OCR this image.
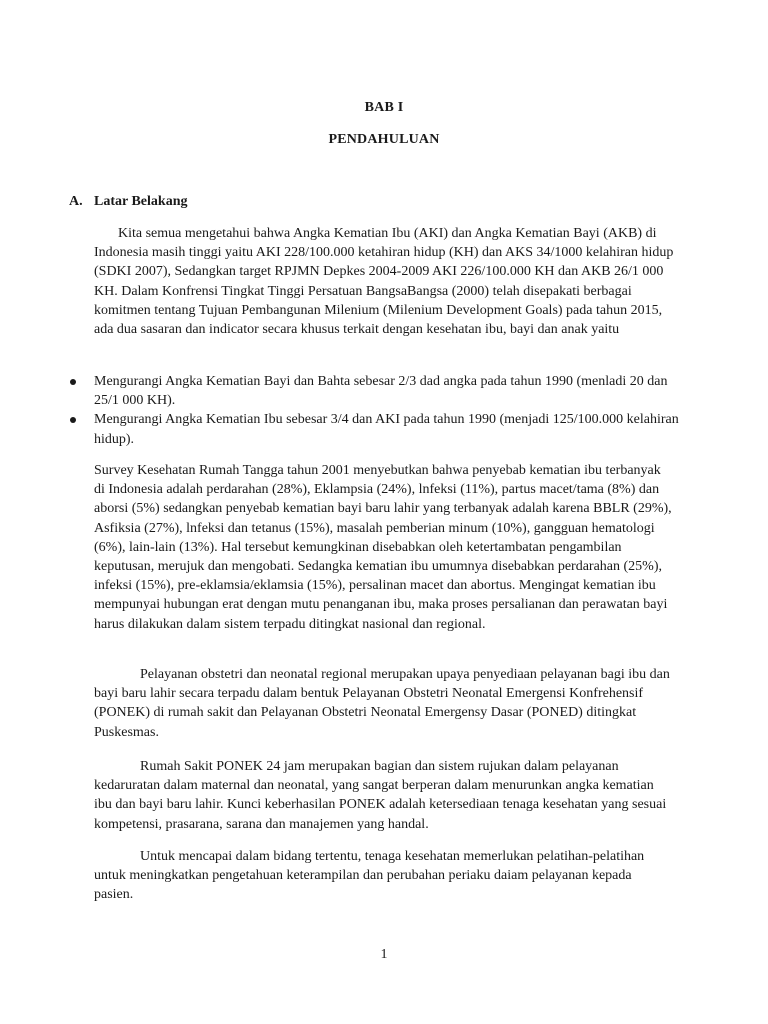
BAB I
PENDAHULUAN
A. Latar Belakang

Kita semua mengetahui bahwa Angka Kematian Ibu (AKI) dan Angka Kematian Bayi (AKB) di Indonesia masih tinggi yaitu AKI 228/100.000 ketahiran hidup (KH) dan AKS 34/1000 kelahiran hidup (SDKI 2007), Sedangkan target RPJMN Depkes 2004-2009 AKI 226/100.000 KH dan AKB 26/1 000 KH. Dalam Konfrensi Tingkat Tinggi Persatuan BangsaBangsa (2000) telah disepakati berbagai komitmen tentang Tujuan Pembangunan Milenium (Milenium Development Goals) pada tahun 2015, ada dua sasaran dan indicator secara khusus terkait dengan kesehatan ibu, bayi dan anak yaitu

Mengurangi Angka Kematian Bayi dan Bahta sebesar 2/3 dad angka pada tahun 1990 (menladi 20 dan 25/1 000 KH).
Mengurangi Angka Kematian Ibu sebesar 3/4 dan AKI pada tahun 1990 (menjadi 125/100.000 kelahiran hidup).

Survey Kesehatan Rumah Tangga tahun 2001 menyebutkan bahwa penyebab kematian ibu terbanyak di Indonesia adalah perdarahan (28%), Eklampsia (24%), lnfeksi (11%), partus macet/tama (8%) dan aborsi (5%) sedangkan penyebab kematian bayi baru lahir yang terbanyak adalah karena BBLR (29%), Asfiksia (27%), lnfeksi dan tetanus (15%), masalah pemberian minum (10%), gangguan hematologi (6%), lain-lain (13%). Hal tersebut kemungkinan disebabkan oleh ketertambatan pengambilan keputusan, merujuk dan mengobati. Sedangka kematian ibu umumnya disebabkan perdarahan (25%), infeksi (15%), pre-eklamsia/eklamsia (15%), persalinan macet dan abortus. Mengingat kematian ibu mempunyai hubungan erat dengan mutu penanganan ibu, maka proses persalianan dan perawatan bayi harus dilakukan dalam sistem terpadu ditingkat nasional dan regional.

Pelayanan obstetri dan neonatal regional merupakan upaya penyediaan pelayanan bagi ibu dan bayi baru lahir secara terpadu dalam bentuk Pelayanan Obstetri Neonatal Emergensi Konfrehensif (PONEK) di rumah sakit dan Pelayanan Obstetri Neonatal Emergensy Dasar (PONED) ditingkat Puskesmas.

Rumah Sakit PONEK 24 jam merupakan bagian dan sistem rujukan dalam pelayanan kedaruratan dalam maternal dan neonatal, yang sangat berperan dalam menurunkan angka kematian ibu dan bayi baru lahir. Kunci keberhasilan PONEK adalah ketersediaan tenaga kesehatan yang sesuai kompetensi, prasarana, sarana dan manajemen yang handal.

Untuk mencapai dalam bidang tertentu, tenaga kesehatan memerlukan pelatihan-pelatihan untuk meningkatkan pengetahuan keterampilan dan perubahan periaku daiam pelayanan kepada pasien.

1
